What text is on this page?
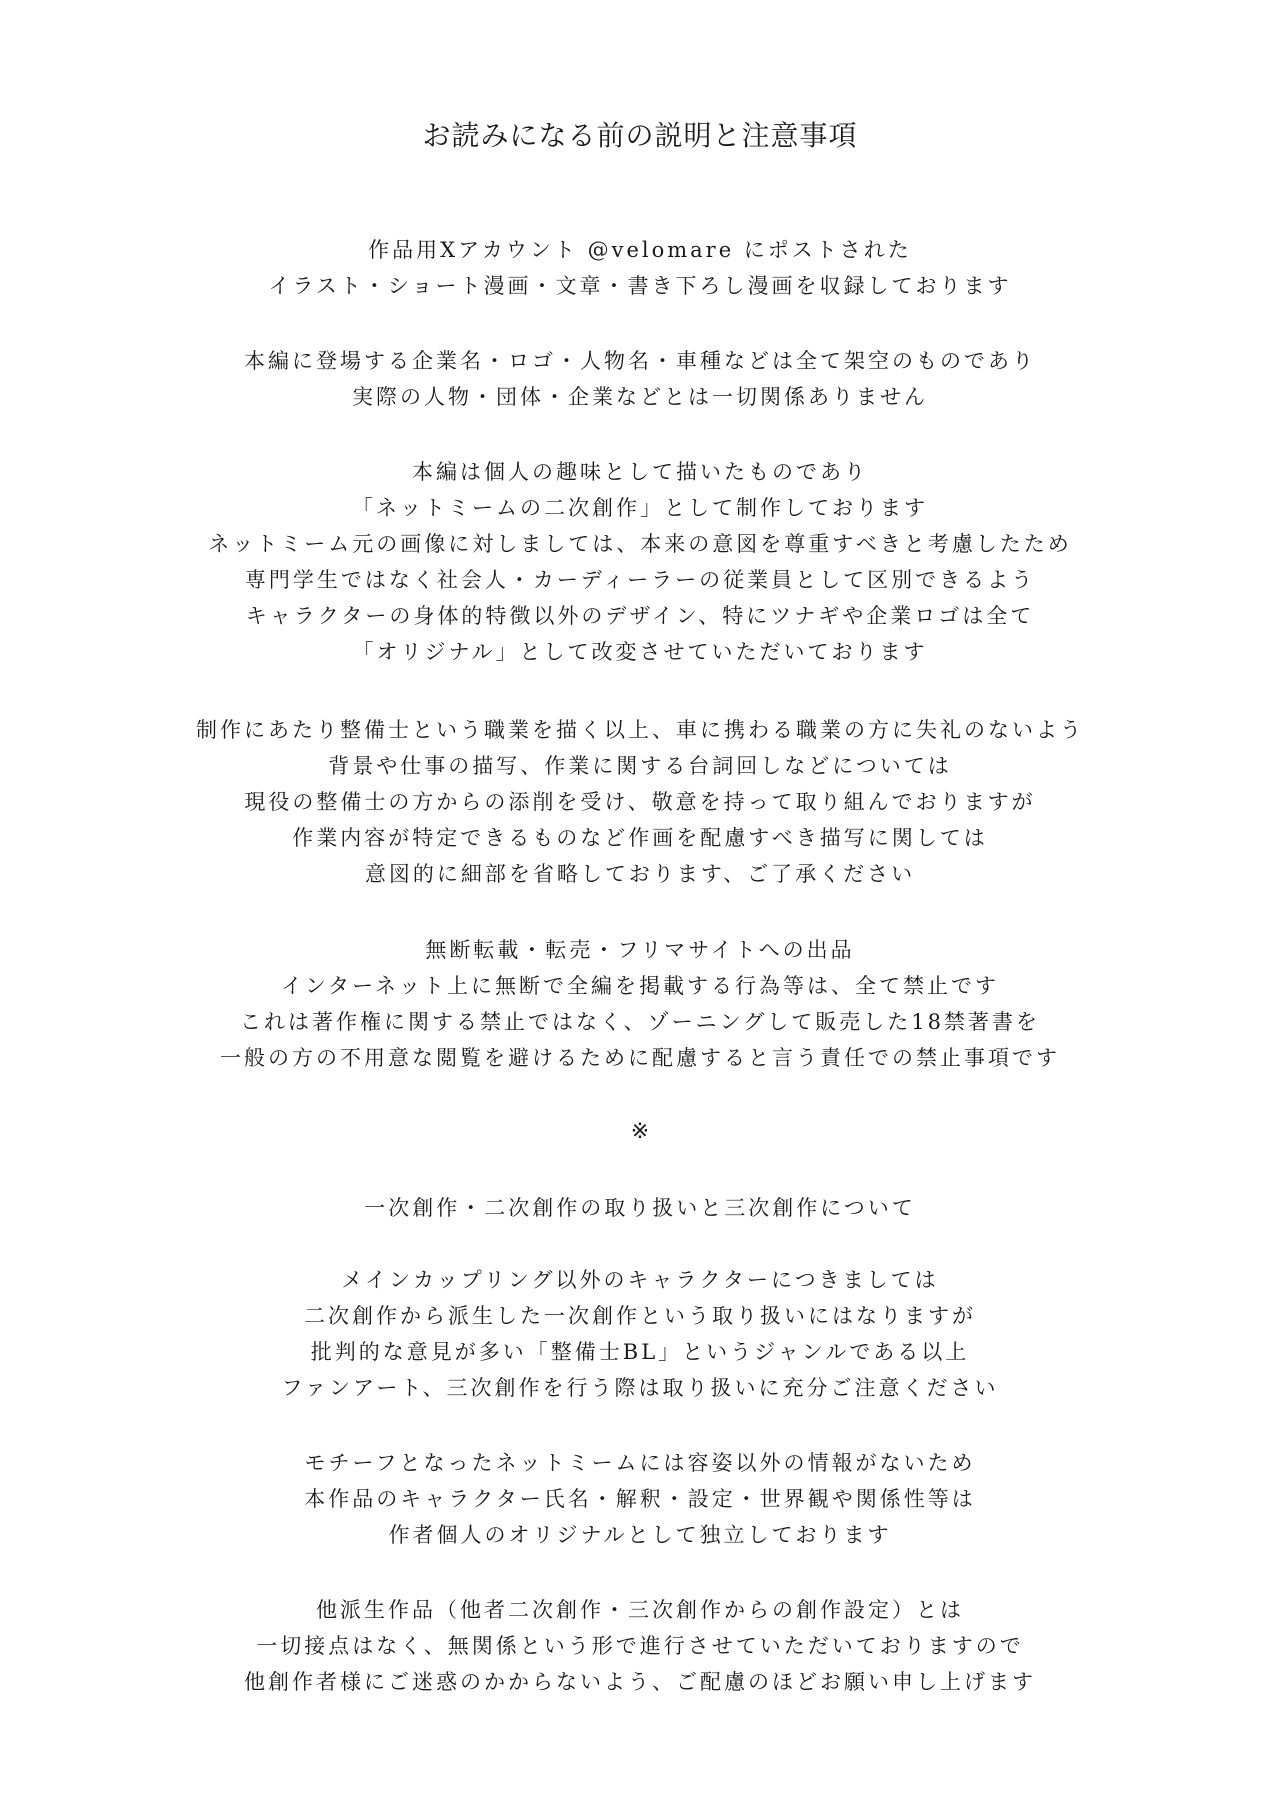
お読みになる前の説明と注意事項
作品用Xアカウント @velomare にポストされた
イラスト・ショート漫画・文章・書き下ろし漫画を収録しております
本編に登場する企業名・ロゴ・人物名・車種などは全て架空のものであり
実際の人物・団体・企業などとは一切関係ありません
本編は個人の趣味として描いたものであり
「ネットミームの二次創作」として制作しております
ネットミーム元の画像に対しましては、本来の意図を尊重すべきと考慮したため
専門学生ではなく社会人・カーディーラーの従業員として区別できるよう
キャラクターの身体的特徴以外のデザイン、特にツナギや企業ロゴは全て
「オリジナル」として改変させていただいております
制作にあたり整備士という職業を描く以上、車に携わる職業の方に失礼のないよう
背景や仕事の描写、作業に関する台詞回しなどについては
現役の整備士の方からの添削を受け、敬意を持って取り組んでおりますが
作業内容が特定できるものなど作画を配慮すべき描写に関しては
意図的に細部を省略しております、ご了承ください
無断転載・転売・フリマサイトへの出品
インターネット上に無断で全編を掲載する行為等は、全て禁止です
これは著作権に関する禁止ではなく、ゾーニングして販売した18禁著書を
一般の方の不用意な閲覧を避けるために配慮すると言う責任での禁止事項です
※
一次創作・二次創作の取り扱いと三次創作について
メインカップリング以外のキャラクターにつきましては
二次創作から派生した一次創作という取り扱いにはなりますが
批判的な意見が多い「整備士BL」というジャンルである以上
ファンアート、三次創作を行う際は取り扱いに充分ご注意ください
モチーフとなったネットミームには容姿以外の情報がないため
本作品のキャラクター氏名・解釈・設定・世界観や関係性等は
作者個人のオリジナルとして独立しております
他派生作品（他者二次創作・三次創作からの創作設定）とは
一切接点はなく、無関係という形で進行させていただいておりますので
他創作者様にご迷惑のかからないよう、ご配慮のほどお願い申し上げます
